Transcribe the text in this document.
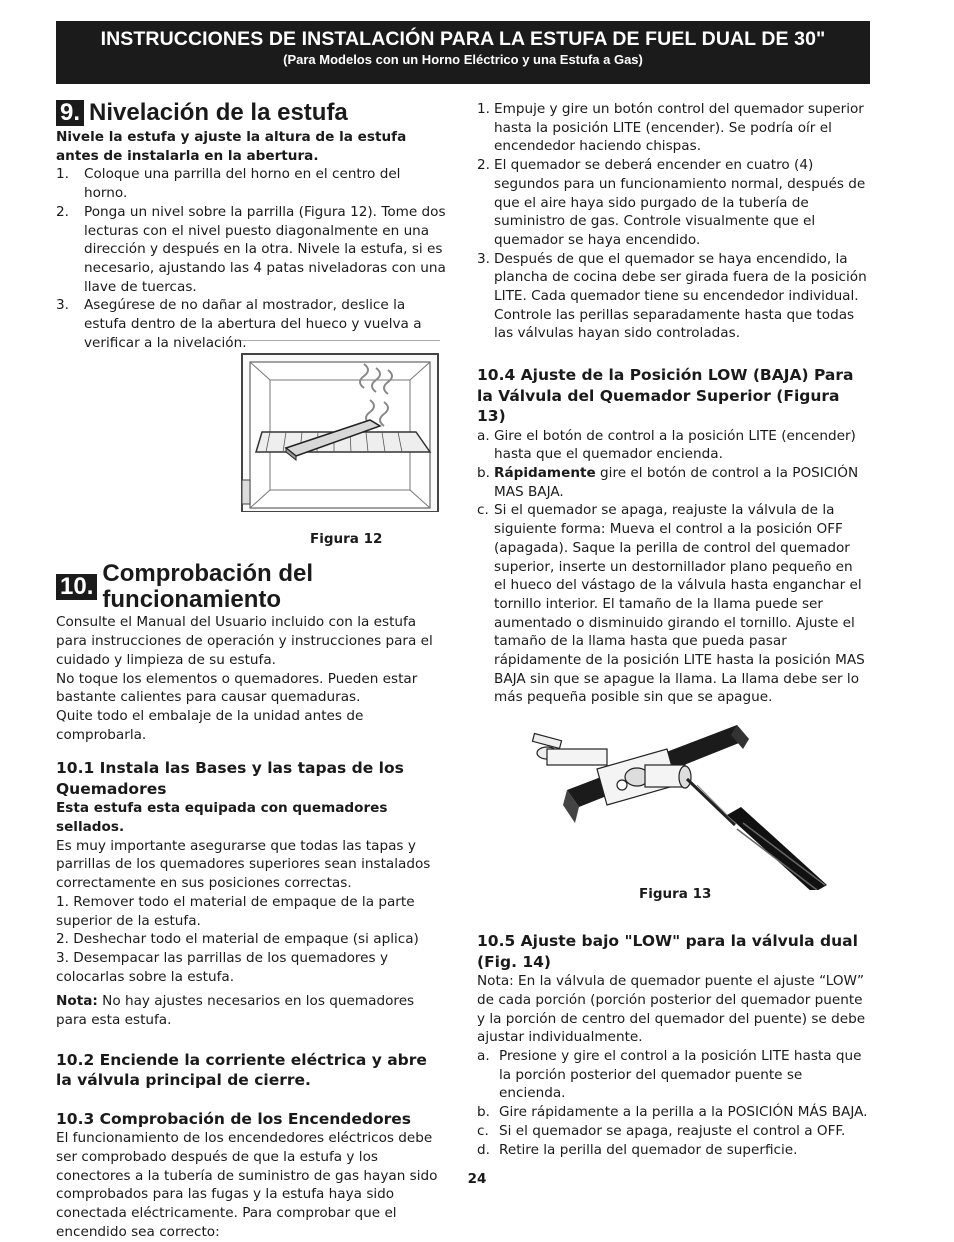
INSTRUCCIONES DE INSTALACIÓN PARA LA ESTUFA DE FUEL DUAL DE 30"
(Para Modelos con un Horno Eléctrico y una Estufa a Gas)
9. Nivelación de la estufa

Nivele la estufa y ajuste la altura de la estufa antes de instalarla en la abertura.

1.	Coloque una parrilla del horno en el centro del horno.
2.	Ponga un nivel sobre la parrilla (Figura 12). Tome dos lecturas con el nivel puesto diagonalmente en una dirección y después en la otra. Nivele la estufa, si es necesario, ajustando las 4 patas niveladoras con una llave de tuercas.
3.	Asegúrese de no dañar al mostrador, deslice la estufa dentro de la abertura del hueco y vuelva a verificar a la nivelación.
Figura 12
10. Comprobación del funcionamiento

Consulte el Manual del Usuario incluido con la estufa para instrucciones de operación y instrucciones para el cuidado y limpieza de su estufa.

No toque los elementos o quemadores. Pueden estar bastante calientes para causar quemaduras.

Quite todo el embalaje de la unidad antes de comprobarla.

10.1 Instala las Bases y las tapas de los Quemadores

Esta estufa esta equipada con quemadores sellados.

Es muy importante asegurarse que todas las tapas y parrillas de los quemadores superiores sean instalados correctamente en sus posiciones correctas.

1. Remover todo el material de empaque de la parte superior de la estufa.

2. Deshechar todo el material de empaque (si aplica)

3. Desempacar las parrillas de los quemadores y colocarlas sobre la estufa.

Nota: No hay ajustes necesarios en los quemadores para esta estufa.

10.2 Enciende la corriente eléctrica y abre la válvula principal de cierre.

10.3 Comprobación de los Encendedores

El funcionamiento de los encendedores eléctricos debe ser comprobado después de que la estufa y los conectores a la tubería de suministro de gas hayan sido comprobados para las fugas y la estufa haya sido conectada eléctricamente. Para comprobar que el encendido sea correcto:

1. Empuje y gire un botón control del quemador superior hasta la posición LITE (encender). Se podría oír el encendedor haciendo chispas.
2. El quemador se deberá encender en cuatro (4) segundos para un funcionamiento normal, después de que el aire haya sido purgado de la tubería de suministro de gas. Controle visualmente que el quemador se haya encendido.
3. Después de que el quemador se haya encendido, la plancha de cocina debe ser girada fuera de la posición LITE. Cada quemador tiene su encendedor individual. Controle las perillas separadamente hasta que todas las válvulas hayan sido controladas.

10.4 Ajuste de la Posición LOW (BAJA) Para la Válvula del Quemador Superior (Figura 13)

a. Gire el botón de control a la posición LITE (encender) hasta que el quemador encienda.
b. Rápidamente gire el botón de control a la POSICIÓN MAS BAJA.
c. Si el quemador se apaga, reajuste la válvula de la siguiente forma: Mueva el control a la posición OFF (apagada). Saque la perilla de control del quemador superior, inserte un destornillador plano pequeño en el hueco del vástago de la válvula hasta enganchar el tornillo interior. El tamaño de la llama puede ser aumentado o disminuido girando el tornillo. Ajuste el tamaño de la llama hasta que pueda pasar rápidamente de la posición LITE hasta la posición MAS BAJA sin que se apague la llama. La llama debe ser lo más pequeña posible sin que se apague.
Figura 13

10.5 Ajuste bajo "LOW" para la válvula dual (Fig. 14)

Nota: En la válvula de quemador puente el ajuste “LOW” de cada porción (porción posterior del quemador puente y la porción de centro del quemador del puente) se debe ajustar individualmente.

a. Presione y gire el control a la posición LITE hasta que la porción posterior del quemador puente se encienda.
b. Gire rápidamente a la perilla a la POSICIÓN MÁS BAJA.
c. Si el quemador se apaga, reajuste el control a OFF.
d. Retire la perilla del quemador de superficie.
24
